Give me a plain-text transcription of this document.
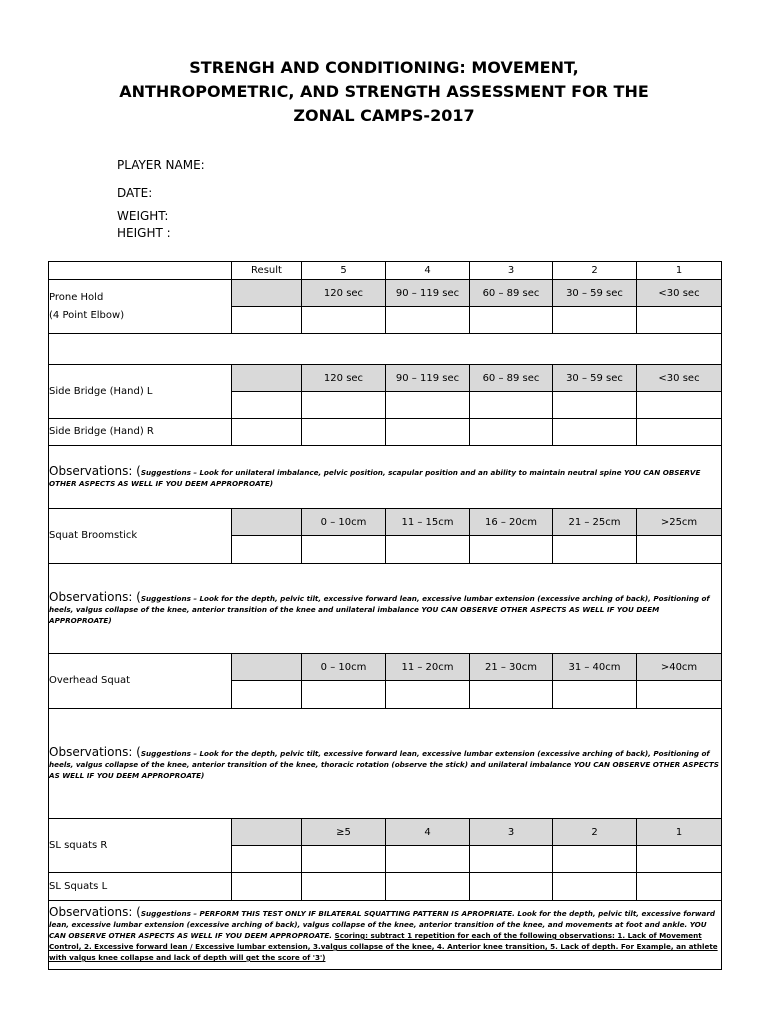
STRENGH AND CONDITIONING: MOVEMENT,
ANTHROPOMETRIC, AND STRENGTH ASSESSMENT FOR THE
ZONAL CAMPS-2017
PLAYER NAME:
DATE:
WEIGHT:
HEIGHT :
	Result	5	4	3	2	1

Prone Hold
(4 Point Elbow)		120 sec	90 – 119 sec	60 – 89 sec	30 – 59 sec	<30 sec

Side Bridge (Hand) L		120 sec	90 – 119 sec	60 – 89 sec	30 – 59 sec	<30 sec

Side Bridge (Hand) R						
Observations: (Suggestions – Look for unilateral imbalance, pelvic position, scapular position and an ability to maintain neutral spine YOU CAN OBSERVE OTHER ASPECTS AS WELL IF YOU DEEM APPROPROATE)						
Squat Broomstick		0 – 10cm	11 – 15cm	16 – 20cm	21 – 25cm	>25cm

Observations: (Suggestions – Look for the depth, pelvic tilt, excessive forward lean, excessive lumbar extension (excessive arching of back), Positioning of heels, valgus collapse of the knee, anterior transition of the knee and unilateral imbalance YOU CAN OBSERVE OTHER ASPECTS AS WELL IF YOU DEEM APPROPROATE)						
Overhead Squat		0 – 10cm	11 – 20cm	21 – 30cm	31 – 40cm	>40cm

Observations: (Suggestions – Look for the depth, pelvic tilt, excessive forward lean, excessive lumbar extension (excessive arching of back), Positioning of heels, valgus collapse of the knee, anterior transition of the knee, thoracic rotation (observe the stick) and unilateral imbalance YOU CAN OBSERVE OTHER ASPECTS AS WELL IF YOU DEEM APPROPROATE)						
SL squats R		≥5	4	3	2	1

SL Squats L						
Observations: (Suggestions – PERFORM THIS TEST ONLY IF BILATERAL SQUATTING PATTERN IS APROPRIATE. Look for the depth, pelvic tilt, excessive forward lean, excessive lumbar extension (excessive arching of back), valgus collapse of the knee, anterior transition of the knee, and movements at foot and ankle. YOU CAN OBSERVE OTHER ASPECTS AS WELL IF YOU DEEM APPROPROATE. Scoring: subtract 1 repetition for each of the following observations: 1. Lack of Movement Control, 2. Excessive forward lean / Excessive lumbar extension, 3.valgus collapse of the knee, 4. Anterior knee transition, 5. Lack of depth. For Example, an athlete with valgus knee collapse and lack of depth will get the score of '3')						
